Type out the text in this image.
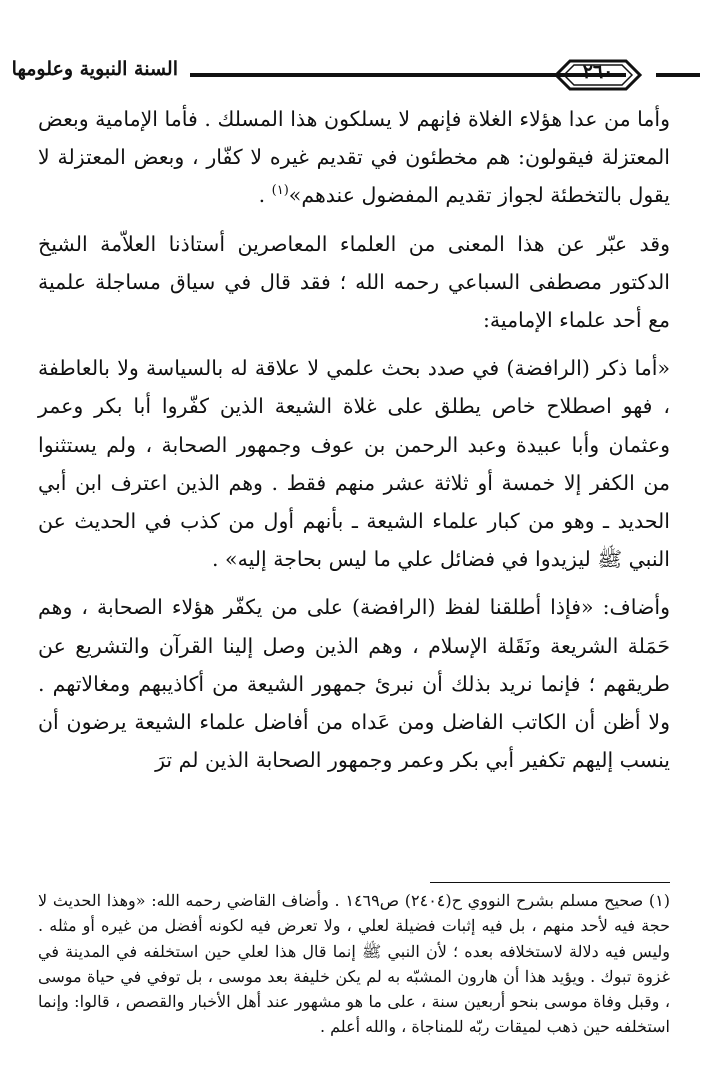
السنة النبوية وعلومها	٢٦٠

وأما من عدا هؤلاء الغلاة فإنهم لا يسلكون هذا المسلك . فأما الإمامية وبعض المعتزلة فيقولون: هم مخطئون في تقديم غيره لا كفّار ، وبعض المعتزلة لا يقول بالتخطئة لجواز تقديم المفضول عندهم»$^{(١)}$ .

وقد عبّر عن هذا المعنى من العلماء المعاصرين أستاذنا العلاّمة الشيخ الدكتور مصطفى السباعي رحمه الله ؛ فقد قال في سياق مساجلة علمية مع أحد علماء الإمامية:

«أما ذكر (الرافضة) في صدد بحث علمي لا علاقة له بالسياسة ولا بالعاطفة ، فهو اصطلاح خاص يطلق على غلاة الشيعة الذين كفّروا أبا بكر وعمر وعثمان وأبا عبيدة وعبد الرحمن بن عوف وجمهور الصحابة ، ولم يستثنوا من الكفر إلا خمسة أو ثلاثة عشر منهم فقط . وهم الذين اعترف ابن أبي الحديد ـ وهو من كبار علماء الشيعة ـ بأنهم أول من كذب في الحديث عن النبي ﷺ ليزيدوا في فضائل علي ما ليس بحاجة إليه» .

وأضاف: «فإذا أطلقنا لفظ (الرافضة) على من يكفّر هؤلاء الصحابة ، وهم حَمَلة الشريعة ونَقَلة الإسلام ، وهم الذين وصل إلينا القرآن والتشريع عن طريقهم ؛ فإنما نريد بذلك أن نبرئ جمهور الشيعة من أكاذيبهم ومغالاتهم . ولا أظن أن الكاتب الفاضل ومن عَداه من أفاضل علماء الشيعة يرضون أن ينسب إليهم تكفير أبي بكر وعمر وجمهور الصحابة الذين لم ترَ

(١) صحيح مسلم بشرح النووي ح(٢٤٠٤) ص١٤٦٩ . وأضاف القاضي رحمه الله: «وهذا الحديث لا حجة فيه لأحد منهم ، بل فيه إثبات فضيلة لعلي ، ولا تعرض فيه لكونه أفضل من غيره أو مثله . وليس فيه دلالة لاستخلافه بعده ؛ لأن النبي ﷺ إنما قال هذا لعلي حين استخلفه في المدينة في غزوة تبوك . ويؤيد هذا أن هارون المشبّه به لم يكن خليفة بعد موسى ، بل توفي في حياة موسى ، وقبل وفاة موسى بنحو أربعين سنة ، على ما هو مشهور عند أهل الأخبار والقصص ، قالوا: وإنما استخلفه حين ذهب لميقات ربّه للمناجاة ، والله أعلم .
